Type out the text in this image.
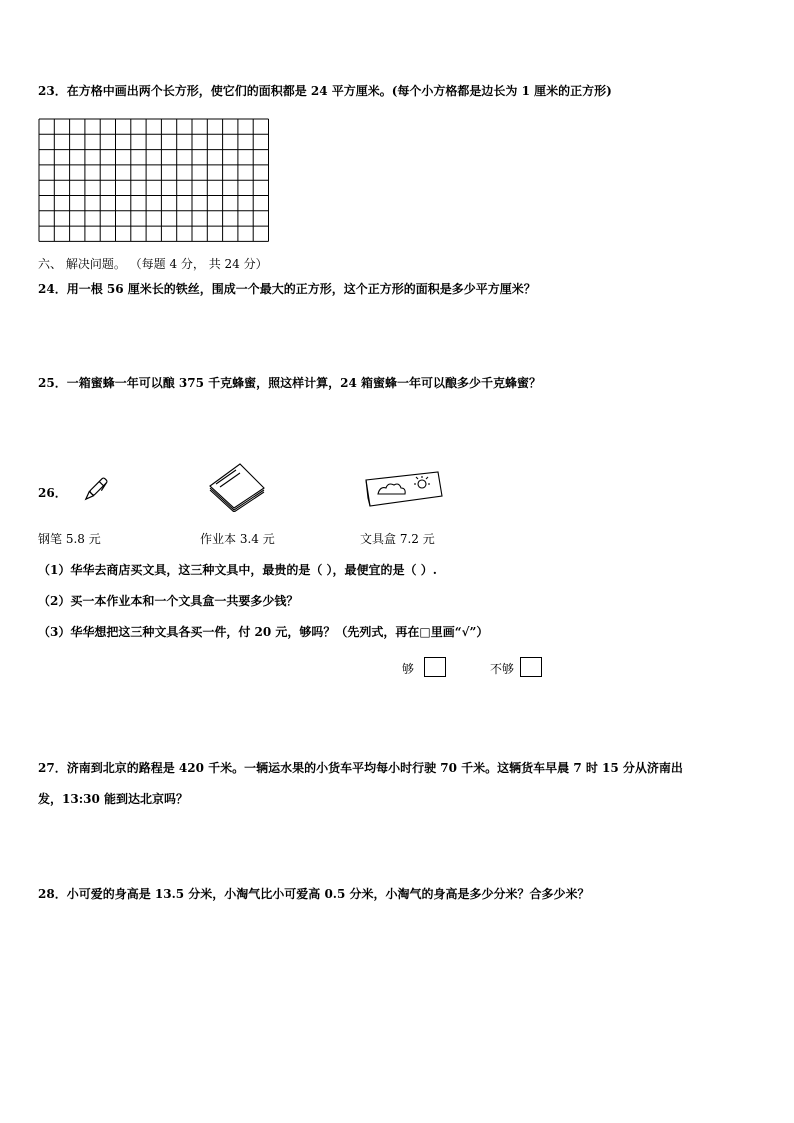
23．在方格中画出两个长方形，使它们的面积都是 24 平方厘米。(每个小方格都是边长为 1 厘米的正方形)
六、 解决问题。 （每题 4 分， 共 24 分）
24．用一根 56 厘米长的铁丝，围成一个最大的正方形，这个正方形的面积是多少平方厘米？
25．一箱蜜蜂一年可以酿 375 千克蜂蜜，照这样计算，24 箱蜜蜂一年可以酿多少千克蜂蜜？
26．
钢笔 5.8 元	作业本 3.4 元	文具盒 7.2 元
（1）华华去商店买文具，这三种文具中，最贵的是（ ），最便宜的是（ ）.
（2）买一本作业本和一个文具盒一共要多少钱？
（3）华华想把这三种文具各买一件，付 20 元，够吗？（先列式，再在□里画“√”）
够	不够
27．济南到北京的路程是 420 千米。一辆运水果的小货车平均每小时行驶 70 千米。这辆货车早晨 7 时 15 分从济南出
发，13:30 能到达北京吗？
28．小可爱的身高是 13.5 分米，小淘气比小可爱高 0.5 分米，小淘气的身高是多少分米？合多少米？
